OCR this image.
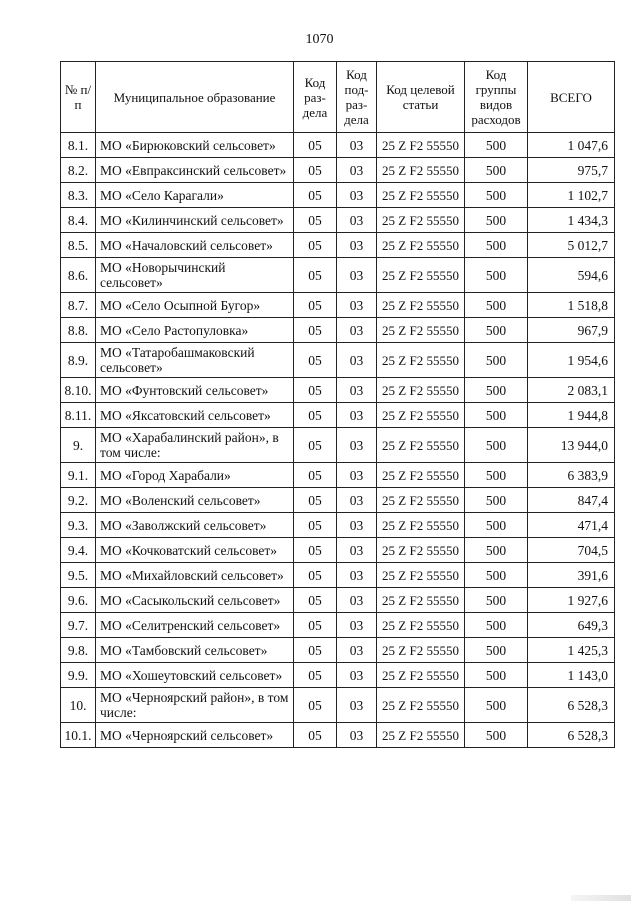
1070
№ п/п	Муниципальное образование	Код раз-дела	Код под-раз-дела	Код целевой статьи	Код группы видов расходов	ВСЕГО
8.1.	МО «Бирюковский сельсовет»	05	03	25 Z F2 55550	500	1 047,6
8.2.	МО «Евпраксинский сельсовет»	05	03	25 Z F2 55550	500	975,7
8.3.	МО «Село Карагали»	05	03	25 Z F2 55550	500	1 102,7
8.4.	МО «Килинчинский сельсовет»	05	03	25 Z F2 55550	500	1 434,3
8.5.	МО «Началовский сельсовет»	05	03	25 Z F2 55550	500	5 012,7
8.6.	МО «Новорычинский сельсовет»	05	03	25 Z F2 55550	500	594,6
8.7.	МО «Село Осыпной Бугор»	05	03	25 Z F2 55550	500	1 518,8
8.8.	МО «Село Растопуловка»	05	03	25 Z F2 55550	500	967,9
8.9.	МО «Татаробашмаковский сельсовет»	05	03	25 Z F2 55550	500	1 954,6
8.10.	МО «Фунтовский сельсовет»	05	03	25 Z F2 55550	500	2 083,1
8.11.	МО «Яксатовский сельсовет»	05	03	25 Z F2 55550	500	1 944,8
9.	МО «Харабалинский район», в том числе:	05	03	25 Z F2 55550	500	13 944,0
9.1.	МО «Город Харабали»	05	03	25 Z F2 55550	500	6 383,9
9.2.	МО «Воленский сельсовет»	05	03	25 Z F2 55550	500	847,4
9.3.	МО «Заволжский сельсовет»	05	03	25 Z F2 55550	500	471,4
9.4.	МО «Кочковатский сельсовет»	05	03	25 Z F2 55550	500	704,5
9.5.	МО «Михайловский сельсовет»	05	03	25 Z F2 55550	500	391,6
9.6.	МО «Сасыкольский сельсовет»	05	03	25 Z F2 55550	500	1 927,6
9.7.	МО «Селитренский сельсовет»	05	03	25 Z F2 55550	500	649,3
9.8.	МО «Тамбовский сельсовет»	05	03	25 Z F2 55550	500	1 425,3
9.9.	МО «Хошеутовский сельсовет»	05	03	25 Z F2 55550	500	1 143,0
10.	МО «Черноярский район», в том числе:	05	03	25 Z F2 55550	500	6 528,3
10.1.	МО «Черноярский сельсовет»	05	03	25 Z F2 55550	500	6 528,3
